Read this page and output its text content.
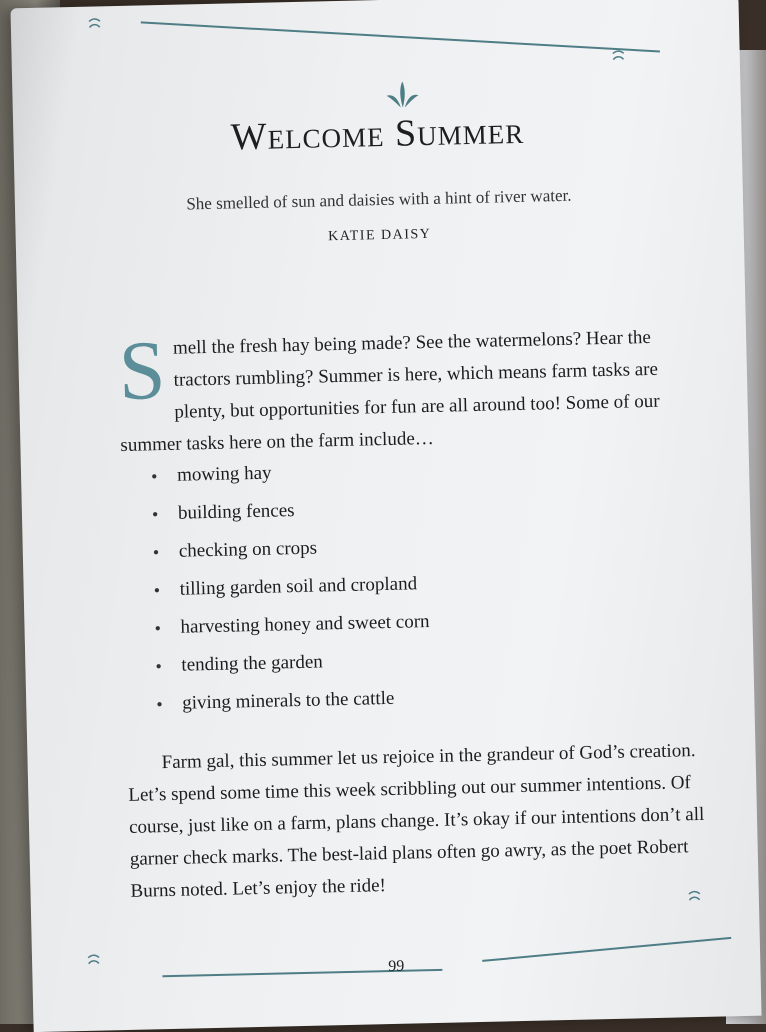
ꩰ
ꩰ
Welcome Summer
She smelled of sun and daisies with a hint of river water.
KATIE DAISY
S mell the fresh hay being made? See the watermelons? Hear the tractors rumbling? Summer is here, which means farm tasks are plenty, but opportunities for fun are all around too! Some of our summer tasks here on the farm include…
• mowing hay
• building fences
• checking on crops
• tilling garden soil and cropland
• harvesting honey and sweet corn
• tending the garden
• giving minerals to the cattle
Farm gal, this summer let us rejoice in the grandeur of God’s creation. Let’s spend some time this week scribbling out our summer intentions. Of course, just like on a farm, plans change. It’s okay if our intentions don’t all garner check marks. The best-laid plans often go awry, as the poet Robert Burns noted. Let’s enjoy the ride!
ꩰ
ꩰ	99
